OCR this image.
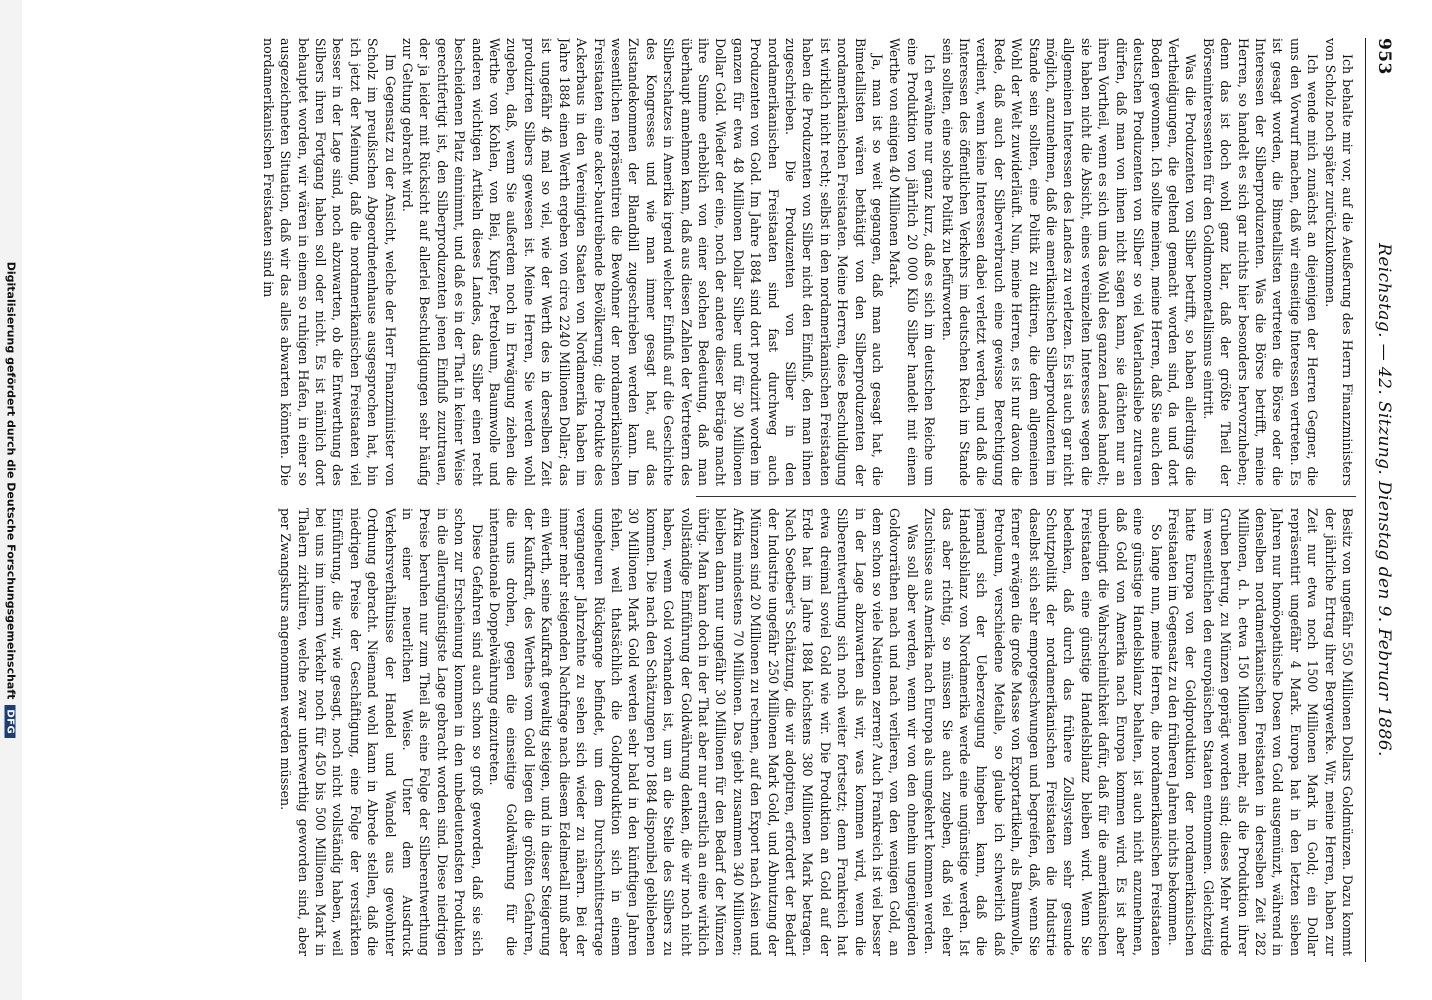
Digitalisierung gefördert durch die Deutsche ForschungsgemeinschaftDFG	Reichstag. — 42. Sitzung. Dienstag den 9. Februar 1886.
953

Ich behalte mir vor, auf die Aeußerung des Herrn Finanzministers von Scholz noch später zurückzukommen.

Ich wende mich zunächst an diejenigen der Herren Gegner, die uns den Vorwurf machen, daß wir einseitige Interessen vertreten. Es ist gesagt worden, die Bimetallisten vertreten die Börse oder die Interessen der Silberproduzenten. Was die Börse betrifft, meine Herren, so handelt es sich gar nichts hier besonders hervorzuheben; denn das ist doch wohl ganz klar, daß der größte Theil der Börseninteressenten für den Goldmonometallismus eintritt.

Was die Produzenten von Silber betrifft, so haben allerdings die Vertheidigungen, die geltend gemacht worden sind, da und dort Boden gewonnen. Ich sollte meinen, meine Herren, daß Sie auch den deutschen Produzenten von Silber so viel Vaterlandsliebe zutrauen dürfen, daß man von ihnen nicht sagen kann, sie dächten nur an ihren Vortheil, wenn es sich um das Wohl des ganzen Landes handelt; sie haben nicht die Absicht, eines vereinzelten Interesses wegen die allgemeinen Interessen des Landes zu verletzen. Es ist auch gar nicht möglich, anzunehmen, daß die amerikanischen Silberproduzenten im Stande sein sollten, eine Politik zu diktiren, die dem allgemeinen Wohl der Welt zuwiderläuft. Nun, meine Herren, es ist nur davon die Rede, daß auch der Silberverbrauch eine gewisse Berechtigung verdient, wenn keine Interessen dabei verletzt werden, und daß die Interessen des öffentlichen Verkehrs im deutschen Reich im Stande sein sollten, eine solche Politik zu befürworten.

Ich erwähne nur ganz kurz, daß es sich im deutschen Reiche um eine Produktion von jährlich 20 000 Kilo Silber handelt mit einem Werthe von einigen 40 Millionen Mark.

Ja, man ist so weit gegangen, daß man auch gesagt hat, die Bimetallisten wären bethätigt von den Silberproduzenten der nordamerikanischen Freistaaten. Meine Herren, diese Beschuldigung ist wirklich nicht recht; selbst in den nordamerikanischen Freistaaten haben die Produzenten von Silber nicht den Einfluß, den man ihnen zugeschrieben. Die Produzenten von Silber in den nordamerikanischen Freistaaten sind fast durchweg auch Produzenten von Gold. Im Jahre 1884 sind dort produzirt worden im ganzen für etwa 48 Millionen Dollar Silber und für 30 Millionen Dollar Gold. Wieder der eine, noch der andere dieser Beträge macht ihre Summe erheblich von einer solchen Bedeutung, daß man überhaupt annehmen kann, daß aus diesen Zahlen der Vertretern des Silberschatzes in Amerika irgend welcher Einfluß auf die Geschichte des Kongresses und wie man immer gesagt hat, auf das Zustandekommen der Blandbill zugeschrieben werden kann. Im wesentlichen repräsentiren die Bewohner der nordamerikanischen Freistaaten eine acker-bautreibende Bevölkerung; die Produkte des Ackerbaus in den Vereinigten Staaten von Nordamerika haben im Jahre 1884 einen Werth ergeben von circa 2240 Millionen Dollar; das ist ungefähr 46 mal so viel, wie der Werth des in derselben Zeit produzirten Silbers gewesen ist. Meine Herren, Sie werden wohl zugeben, daß, wenn Sie außerdem noch in Erwägung ziehen die Werthe von Kohlen, von Blei, Kupfer, Petroleum, Baumwolle und anderen wichtigen Artikeln dieses Landes, das Silber einen recht bescheidenen Platz einnimmt, und daß es in der That in keiner Weise gerechtfertigt ist, den Silberproduzenten jenen Einfluß zuzutrauen, der ja leider mit Rücksicht auf allerlei Beschuldigungen sehr häufig zur Geltung gebracht wird.

Im Gegensatz zu der Ansicht, welche der Herr Finanzminister von Scholz im preußischen Abgeordnetenhause ausgesprochen hat, bin ich jetzt der Meinung, daß die nordamerikanischen Freistaaten viel besser in der Lage sind, noch abzuwarten, ob die Entwerthung des Silbers ihren Fortgang haben soll oder nicht. Es ist nämlich dort behauptet worden, wir wären in einem so ruhigen Hafen, in einer so ausgezeichneten Situation, daß wir das alles abwarten könnten. Die nordamerikanischen Freistaaten sind im

Besitz von ungefähr 550 Millionen Dollars Goldmünzen. Dazu kommt der jährliche Ertrag ihrer Bergwerke. Wir, meine Herren, haben zur Zeit nur etwa noch 1500 Millionen Mark in Gold; ein Dollar repräsentirt ungefähr 4 Mark. Europa hat in den letzten sieben Jahren nur homöopathische Dosen von Gold ausgemünzt, während in denselben nordamerikanischen Freistaaten in derselben Zeit 282 Millionen, d. h. etwa 150 Millionen mehr, als die Produktion ihrer Gruben betrug, zu Münzen geprägt worden sind; dieses Mehr wurde im wesentlichen den europäischen Staaten entnommen. Gleichzeitig hatte Europa von der Goldproduktion der nordamerikanischen Freistaaten im Gegensatz zu den früheren Jahren nichts bekommen.

So lange nun, meine Herren, die nordamerikanischen Freistaaten eine günstige Handelsbilanz behalten, ist auch nicht anzunehmen, daß Gold von Amerika nach Europa kommen wird. Es ist aber unbedingt die Wahrscheinlichkeit dafür, daß für die amerikanischen Freistaaten eine günstige Handelsbilanz bleiben wird. Wenn Sie bedenken, daß durch das frühere Zollsystem sehr gesunde Schutzpolitik der nordamerikanischen Freistaaten die Industrie daselbst sich sehr emporgeschwungen und begreifen, daß, wenn Sie ferner erwägen die große Masse von Exportartikeln, als Baumwolle, Petroleum, verschiedene Metalle, so glaube ich schwerlich daß jemand sich der Ueberzeugung hingeben kann, daß die Handelsbilanz von Nordamerika werde eine ungünstige werden. Ist das aber richtig, so müssen Sie auch zugeben, daß viel eher Zuschüsse aus Amerika nach Europa als umgekehrt kommen werden.

Was soll aber werden, wenn wir von den ohnehin ungenügenden Goldvorräthen nach und nach verlieren, von den wenigen Gold, an dem schon so viele Nationen zerren? Auch Frankreich ist viel besser in der Lage abzuwarten als wir, was kommen wird, wenn die Silberentwerthung sich noch weiter fortsetzt; denn Frankreich hat etwa dreimal soviel Gold wie wir. Die Produktion an Gold auf der Erde hat im Jahre 1884 höchstens 380 Millionen Mark betragen. Nach Soetbeer's Schätzung, die wir adoptiren, erfordert der Bedarf der Industrie ungefähr 250 Millionen Mark Gold, und Abnutzung der Münzen sind 20 Millionen zu rechnen, auf den Export nach Asien und Afrika mindestens 70 Millionen. Das giebt zusammen 340 Millionen; bleiben dann nur ungefähr 30 Millionen für den Bedarf der Münzen übrig. Man kann doch in der That aber nur ernstlich an eine wirklich vollständige Einführung der Goldwährung denken, die wir noch nicht haben, wenn Gold vorhanden ist, um an die Stelle des Silbers zu kommen. Die nach den Schätzungen pro 1884 disponibel gebliebenen 30 Millionen Mark Gold werden sehr bald in den künftigen Jahren fehlen, weil thatsächlich die Goldproduktion sich in einem ungeheuren Rückgange befindet, um dem Durchschnittsertrage vergangener Jahrzehnte zu sehen sich wieder zu nähern. Bei der immer mehr steigenden Nachfrage nach diesem Edelmetall muß aber ein Werth, seine Kaufkraft gewaltig steigen, und in dieser Steigerung der Kaufkraft, des Werthes vom Gold liegen die größten Gefahren, die uns drohen, gegen die einseitige Goldwährung für die internationale Doppelwährung einzutreten.

Diese Gefahren sind auch schon so groß geworden, daß sie sich schon zur Erscheinung kommen in den unbedeutendsten Produkten in die allerungünstigste Lage gebracht worden sind. Diese niedrigen Preise beruhen nur zum Theil als eine Folge der Silberentwerthung in einer neuerlichen Weise. Unter dem Ausdruck Verkehrsverhältnisse der Handel und Wandel aus gewohnter Ordnung gebracht. Niemand wohl kann in Abrede stellen, daß die niedrigen Preise der Geschäftigung, eine Folge der verstärkten Einführung, die wir, wie gesagt, noch nicht vollständig haben, weil bei uns im innern Verkehr noch für 450 bis 500 Millionen Mark in Thalern zirkuliren, welche zwar unterwerthig geworden sind, aber per Zwangskurs angenommen werden müssen.
